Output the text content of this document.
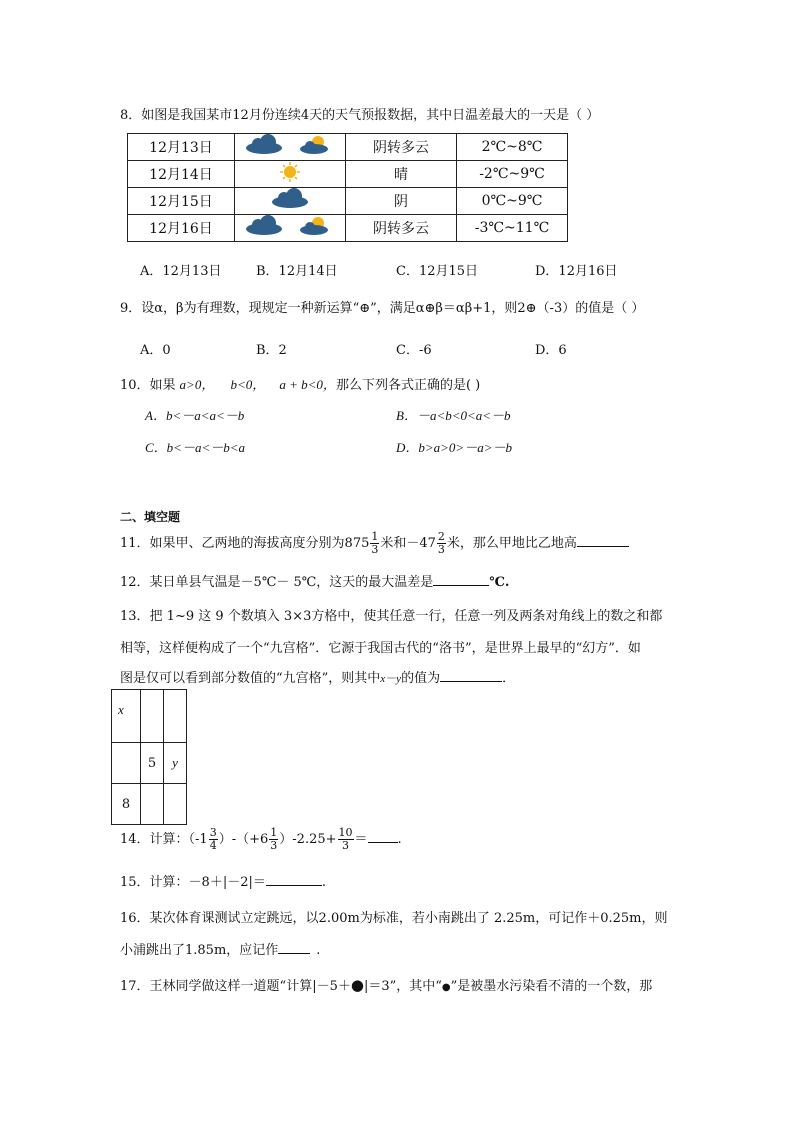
8．如图是我国某市12月份连续4天的天气预报数据，其中日温差最大的一天是（ ）
12月13日		阴转多云	2℃~8℃
12月14日		晴	-2℃~9℃
12月15日		阴	0℃~9℃
12月16日		阴转多云	-3℃~11℃
A．12月13日	B．12月14日	C．12月15日	D．12月16日
9．设α，β为有理数，现规定一种新运算“⊕”，满足α⊕β＝αβ+1，则2⊕（-3）的值是（ ）
A．0	B．2	C．-6	D．6
10．如果 a>0， b<0， a + b<0，那么下列各式正确的是( )
A．b<－a<a<－b	B．－a<b<0<a<－b
C．b<－a<－b<a	D．b>a>0>－a>－b
二、填空题
11．如果甲、乙两地的海拔高度分别为$875 \frac{1}{3}$ 米和$-47 \frac{2}{3}$ 米，那么甲地比乙地高
12．某日单县气温是－5℃－ 5℃，这天的最大温差是	℃.
13．把 1~9 这 9 个数填入 3×3方格中，使其任意一行，任意一列及两条对角线上的数之和都
相等，这样便构成了一个“九宫格”．它源于我国古代的“洛书”，是世界上最早的“幻方”．如
图是仅可以看到部分数值的“九宫格”，则其中x－y的值为	．
x		
	5	y
8		
14．计算：$(-1 \frac{3}{4} )-(+6 \frac{1}{3} )-2.25+ \frac{10}{3}$ ＝ .
15．计算：－8＋|－2|＝	.
16．某次体育课测试立定跳远，以2.00m为标准，若小南跳出了 2.25m，可记作＋0.25m，则
小浦跳出了1.85m，应记作	.
17．王林同学做这样一道题“计算|－5＋●|＝3”，其中“●”是被墨水污染看不清的一个数，那
